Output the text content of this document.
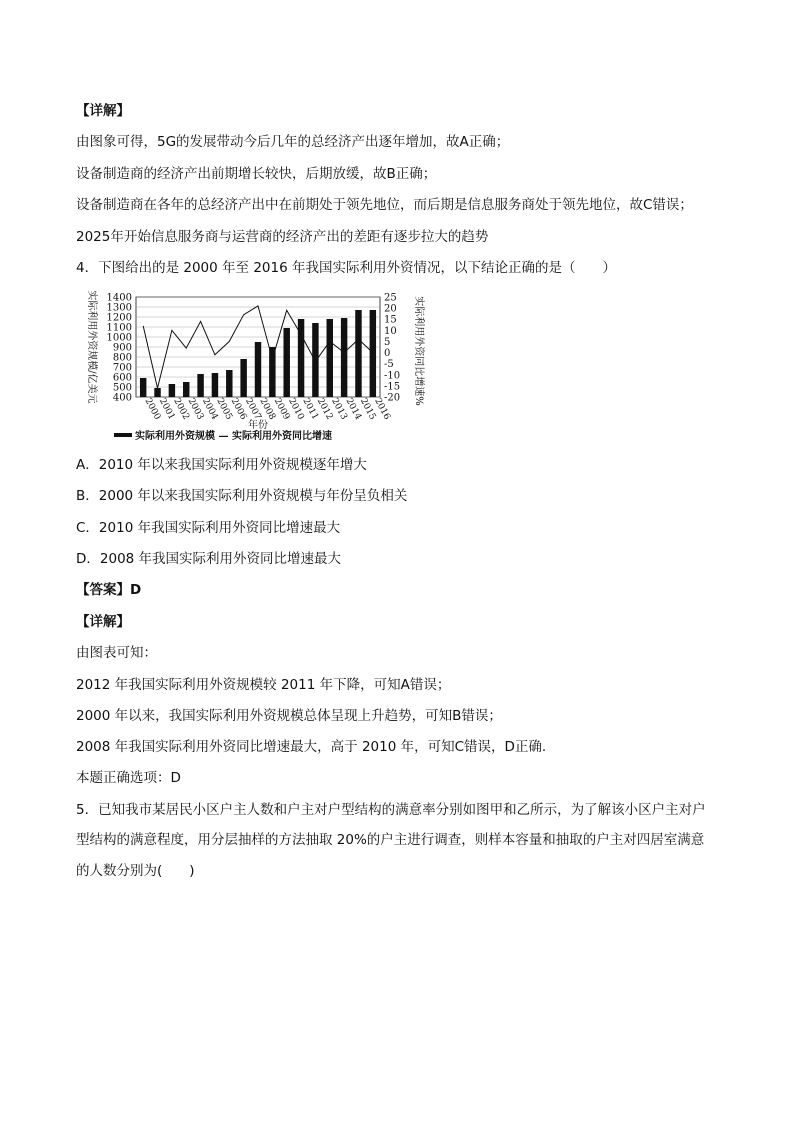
【详解】
由图象可得，5G的发展带动今后几年的总经济产出逐年增加，故A正确；
设备制造商的经济产出前期增长较快，后期放缓，故B正确；
设备制造商在各年的总经济产出中在前期处于领先地位，而后期是信息服务商处于领先地位，故C错误；
2025年开始信息服务商与运营商的经济产出的差距有逐步拉大的趋势
4．下图给出的是 2000 年至 2016 年我国实际利用外资情况，以下结论正确的是（　　）
实际利用外资规模/亿美元 1400
1300
1200
1100
1000
900
800
700
600
500
400	实际利用外资同比增速%
25
20
15
10
5
0
-5
-10
-15
-20
2000
2001
2002
2003
2004
2005
2006
2007
2008
2009
2010
2011
2012
2013
2014
2015
2016
年份
实际利用外资规模 — 实际利用外资同比增速
A．2010 年以来我国实际利用外资规模逐年增大
B．2000 年以来我国实际利用外资规模与年份呈负相关
C．2010 年我国实际利用外资同比增速最大
D．2008 年我国实际利用外资同比增速最大
【答案】D
【详解】
由图表可知：
2012 年我国实际利用外资规模较 2011 年下降，可知A错误；
2000 年以来，我国实际利用外资规模总体呈现上升趋势，可知B错误；
2008 年我国实际利用外资同比增速最大，高于 2010 年，可知C错误，D正确.
本题正确选项：D
5．已知我市某居民小区户主人数和户主对户型结构的满意率分别如图甲和乙所示，为了解该小区户主对户
型结构的满意程度，用分层抽样的方法抽取 20%的户主进行调查，则样本容量和抽取的户主对四居室满意
的人数分别为(　　)
